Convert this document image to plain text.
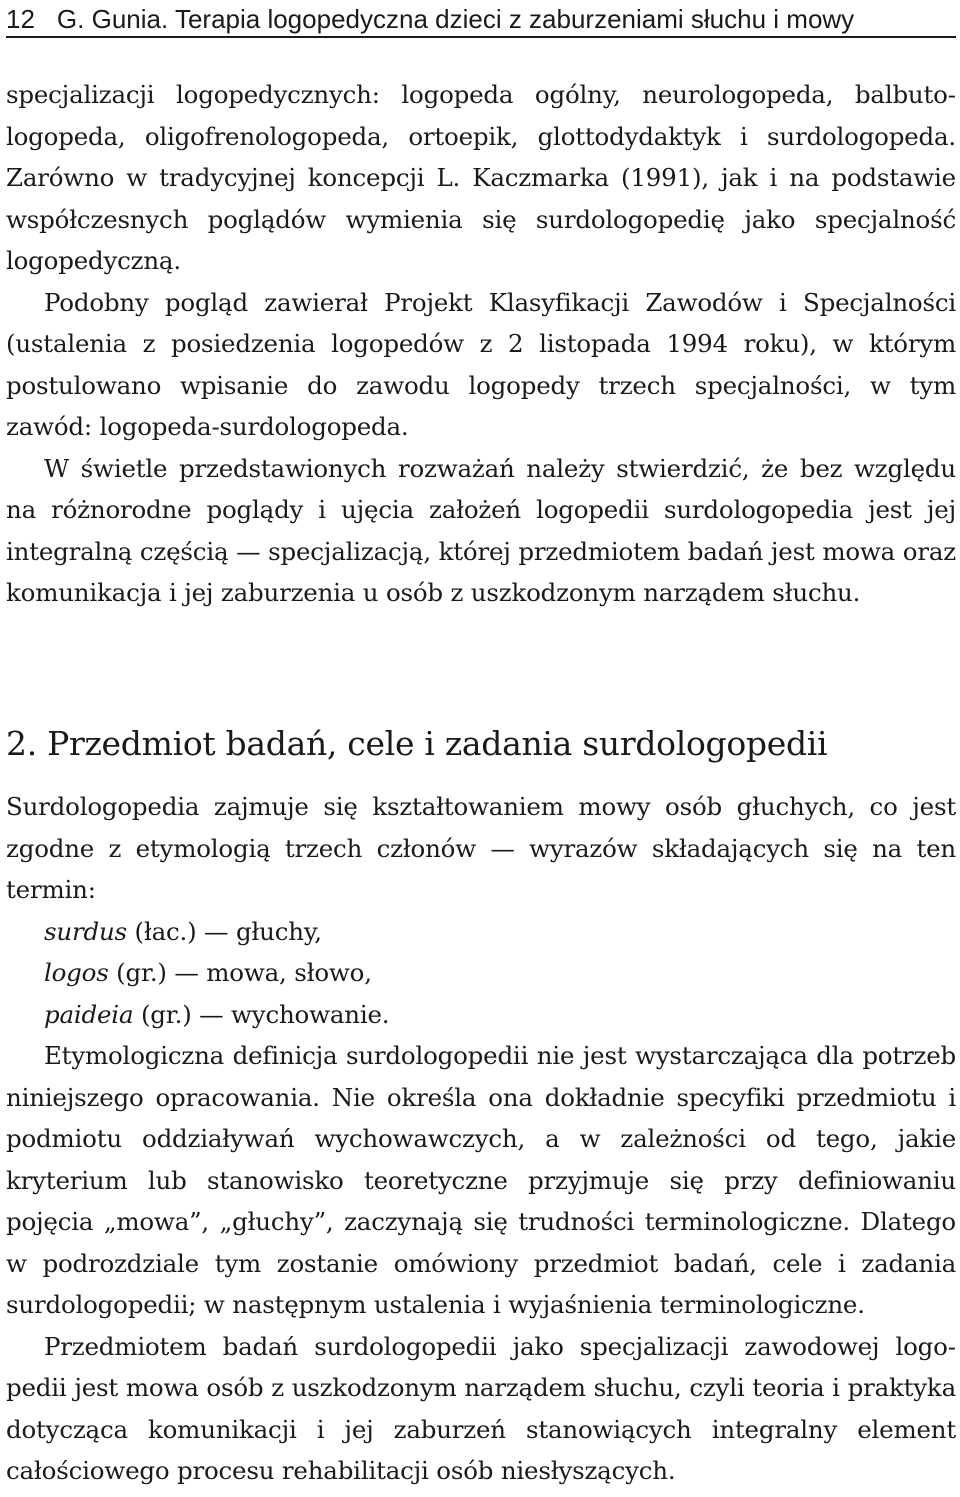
12 G. Gunia. Terapia logopedyczna dzieci z zaburzeniami słuchu i mowy

specjalizacji logopedycznych: logopeda ogólny, neurologopeda, balbutologopeda, oligofrenologopeda, ortoepik, glottodydaktyk i surdologopeda. Zarówno w tradycyjnej koncepcji L. Kaczmarka (1991), jak i na podstawie współczesnych poglądów wymienia się surdologopedię jako specjalność logopedyczną.

Podobny pogląd zawierał Projekt Klasyfikacji Zawodów i Specjalności (ustalenia z posiedzenia logopedów z 2 listopada 1994 roku), w którym postulowano wpisanie do zawodu logopedy trzech specjalności, w tym zawód: logopeda-surdologopeda.

W świetle przedstawionych rozważań należy stwierdzić, że bez względu na różnorodne poglądy i ujęcia założeń logopedii surdologopedia jest jej integralną częścią — specjalizacją, której przedmiotem badań jest mowa oraz komunikacja i jej zaburzenia u osób z uszkodzonym narządem słuchu.

2. Przedmiot badań, cele i zadania surdologopedii

Surdologopedia zajmuje się kształtowaniem mowy osób głuchych, co jest zgodne z etymologią trzech członów — wyrazów składających się na ten termin:

surdus (łac.) — głuchy,

logos (gr.) — mowa, słowo,

paideia (gr.) — wychowanie.

Etymologiczna definicja surdologopedii nie jest wystarczająca dla potrzeb niniejszego opracowania. Nie określa ona dokładnie specyfiki przedmiotu i podmiotu oddziaływań wychowawczych, a w zależności od tego, jakie kryterium lub stanowisko teoretyczne przyjmuje się przy definiowaniu pojęcia „mowa”, „głuchy”, zaczynają się trudności terminologiczne. Dlatego w podrozdziale tym zostanie omówiony przedmiot badań, cele i zadania surdologopedii; w następnym ustalenia i wyjaśnienia terminologiczne.

Przedmiotem badań surdologopedii jako specjalizacji zawodowej logopedii jest mowa osób z uszkodzonym narządem słuchu, czyli teoria i praktyka dotycząca komunikacji i jej zaburzeń stanowiących integralny element całościowego procesu rehabilitacji osób niesłyszących.
